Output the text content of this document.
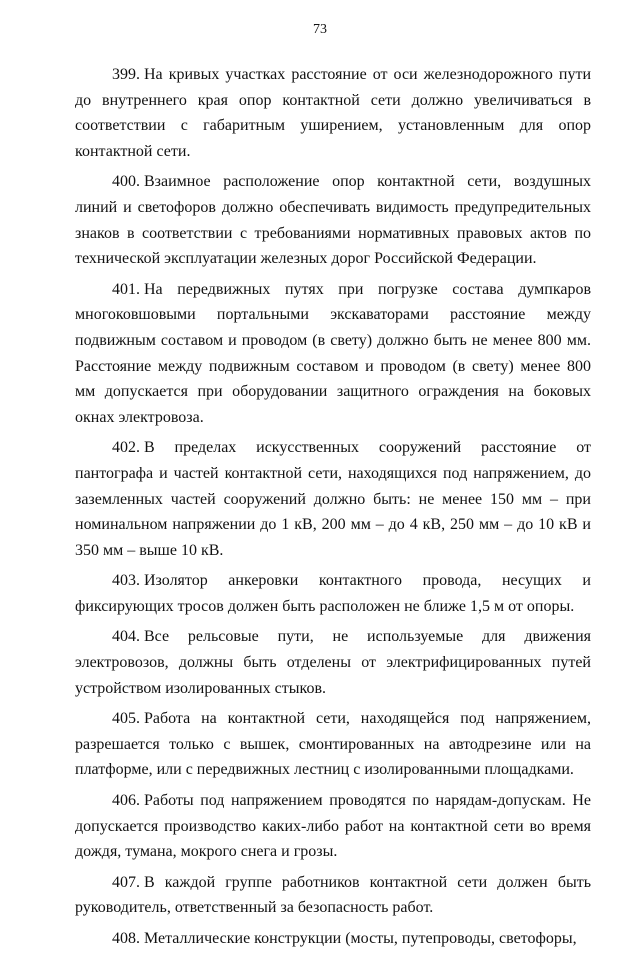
73

399. На кривых участках расстояние от оси железнодорожного пути до внутреннего края опор контактной сети должно увеличиваться в соответствии с габаритным уширением, установленным для опор контактной сети.

400. Взаимное расположение опор контактной сети, воздушных линий и светофоров должно обеспечивать видимость предупредительных знаков в соответствии с требованиями нормативных правовых актов по технической эксплуатации железных дорог Российской Федерации.

401. На передвижных путях при погрузке состава думпкаров многоковшовыми портальными экскаваторами расстояние между подвижным составом и проводом (в свету) должно быть не менее 800 мм. Расстояние между подвижным составом и проводом (в свету) менее 800 мм допускается при оборудовании защитного ограждения на боковых окнах электровоза.

402. В пределах искусственных сооружений расстояние от пантографа и частей контактной сети, находящихся под напряжением, до заземленных частей сооружений должно быть: не менее 150 мм – при номинальном напряжении до 1 кВ, 200 мм – до 4 кВ, 250 мм – до 10 кВ и 350 мм – выше 10 кВ.

403. Изолятор анкеровки контактного провода, несущих и фиксирующих тросов должен быть расположен не ближе 1,5 м от опоры.

404. Все рельсовые пути, не используемые для движения электровозов, должны быть отделены от электрифицированных путей устройством изолированных стыков.

405. Работа на контактной сети, находящейся под напряжением, разрешается только с вышек, смонтированных на автодрезине или на платформе, или с передвижных лестниц с изолированными площадками.

406. Работы под напряжением проводятся по нарядам-допускам. Не допускается производство каких-либо работ на контактной сети во время дождя, тумана, мокрого снега и грозы.

407. В каждой группе работников контактной сети должен быть руководитель, ответственный за безопасность работ.

408. Металлические конструкции (мосты, путепроводы, светофоры,
